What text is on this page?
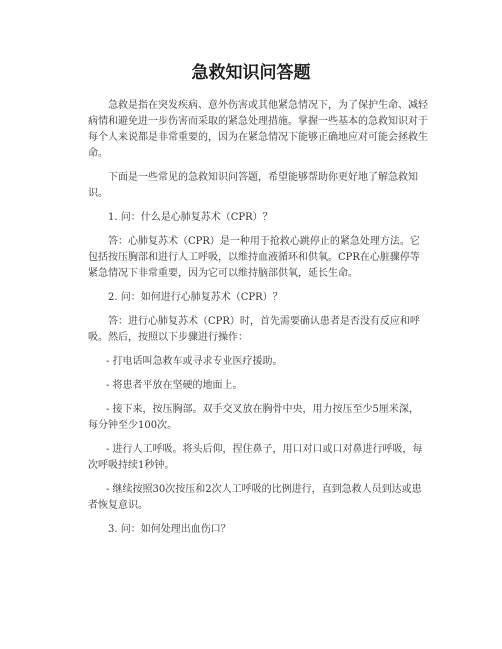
急救知识问答题

急救是指在突发疾病、意外伤害或其他紧急情况下，为了保护生命、减轻病情和避免进一步伤害而采取的紧急处理措施。掌握一些基本的急救知识对于每个人来说都是非常重要的，因为在紧急情况下能够正确地应对可能会拯救生命。

下面是一些常见的急救知识问答题，希望能够帮助你更好地了解急救知识。

1. 问：什么是心肺复苏术（CPR）？

答：心肺复苏术（CPR）是一种用于抢救心跳停止的紧急处理方法。它包括按压胸部和进行人工呼吸，以维持血液循环和供氧。CPR在心脏骤停等紧急情况下非常重要，因为它可以维持脑部供氧，延长生命。

2. 问：如何进行心肺复苏术（CPR）？

答：进行心肺复苏术（CPR）时，首先需要确认患者是否没有反应和呼吸。然后，按照以下步骤进行操作：

- 打电话叫急救车或寻求专业医疗援助。

- 将患者平放在坚硬的地面上。

- 接下来，按压胸部。双手交叉放在胸骨中央，用力按压至少5厘米深，每分钟至少100次。

- 进行人工呼吸。将头后仰，捏住鼻子，用口对口或口对鼻进行呼吸，每次呼吸持续1秒钟。

- 继续按照30次按压和2次人工呼吸的比例进行，直到急救人员到达或患者恢复意识。

3. 问：如何处理出血伤口？
